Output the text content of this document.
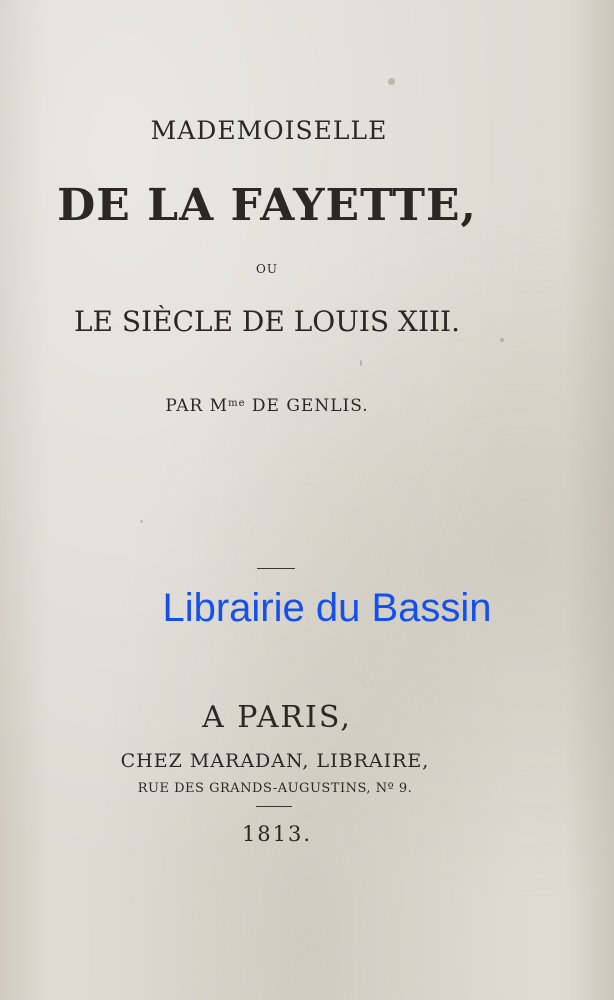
MADEMOISELLE
DE LA FAYETTE,
OU
LE SIÈCLE DE LOUIS XIII.
PAR $M^{me}$ DE GENLIS.
Librairie du Bassin
A PARIS,
CHEZ MARADAN, LIBRAIRE,
RUE DES GRANDS-AUGUSTINS, Nº 9.
1813.
